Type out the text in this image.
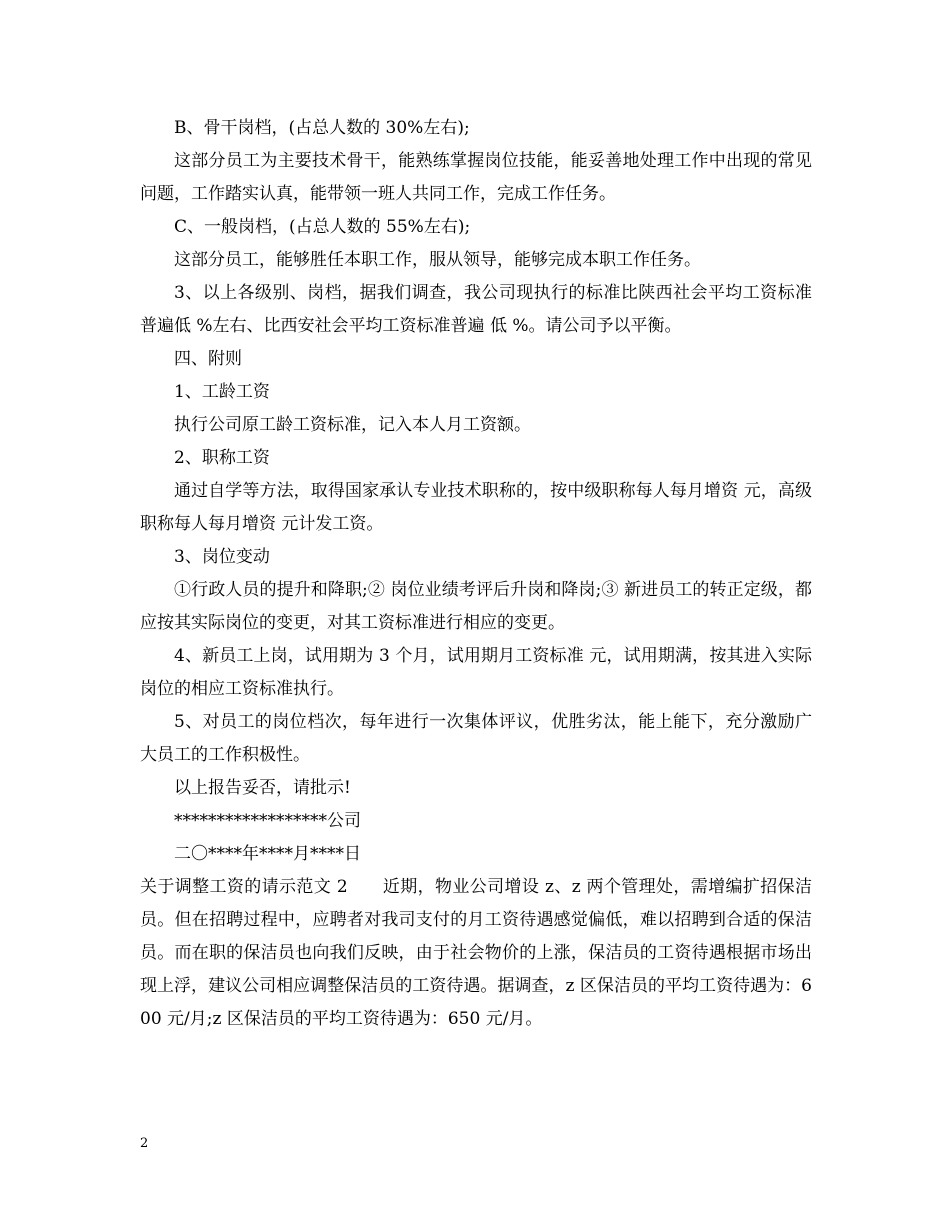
B、骨干岗档，(占总人数的 30%左右);

这部分员工为主要技术骨干，能熟练掌握岗位技能，能妥善地处理工作中出现的常见问题，工作踏实认真，能带领一班人共同工作，完成工作任务。

C、一般岗档，(占总人数的 55%左右);

这部分员工，能够胜任本职工作，服从领导，能够完成本职工作任务。

3、以上各级别、岗档，据我们调查，我公司现执行的标准比陕西社会平均工资标准普遍低 %左右、比西安社会平均工资标准普遍 低 %。请公司予以平衡。

四、附则

1、工龄工资

执行公司原工龄工资标准，记入本人月工资额。

2、职称工资

通过自学等方法，取得国家承认专业技术职称的，按中级职称每人每月增资 元，高级职称每人每月增资 元计发工资。

3、岗位变动

①行政人员的提升和降职;② 岗位业绩考评后升岗和降岗;③ 新进员工的转正定级，都应按其实际岗位的变更，对其工资标准进行相应的变更。

4、新员工上岗，试用期为 3 个月，试用期月工资标准 元，试用期满，按其进入实际岗位的相应工资标准执行。

5、对员工的岗位档次，每年进行一次集体评议，优胜劣汰，能上能下，充分激励广大员工的工作积极性。

以上报告妥否，请批示!

******************公司

二〇****年****月****日

关于调整工资的请示范文 2　　近期，物业公司增设 z、z 两个管理处，需增编扩招保洁员。但在招聘过程中，应聘者对我司支付的月工资待遇感觉偏低，难以招聘到合适的保洁员。而在职的保洁员也向我们反映，由于社会物价的上涨，保洁员的工资待遇根据市场出现上浮，建议公司相应调整保洁员的工资待遇。据调查，z 区保洁员的平均工资待遇为：600 元/月;z 区保洁员的平均工资待遇为：650 元/月。

2
